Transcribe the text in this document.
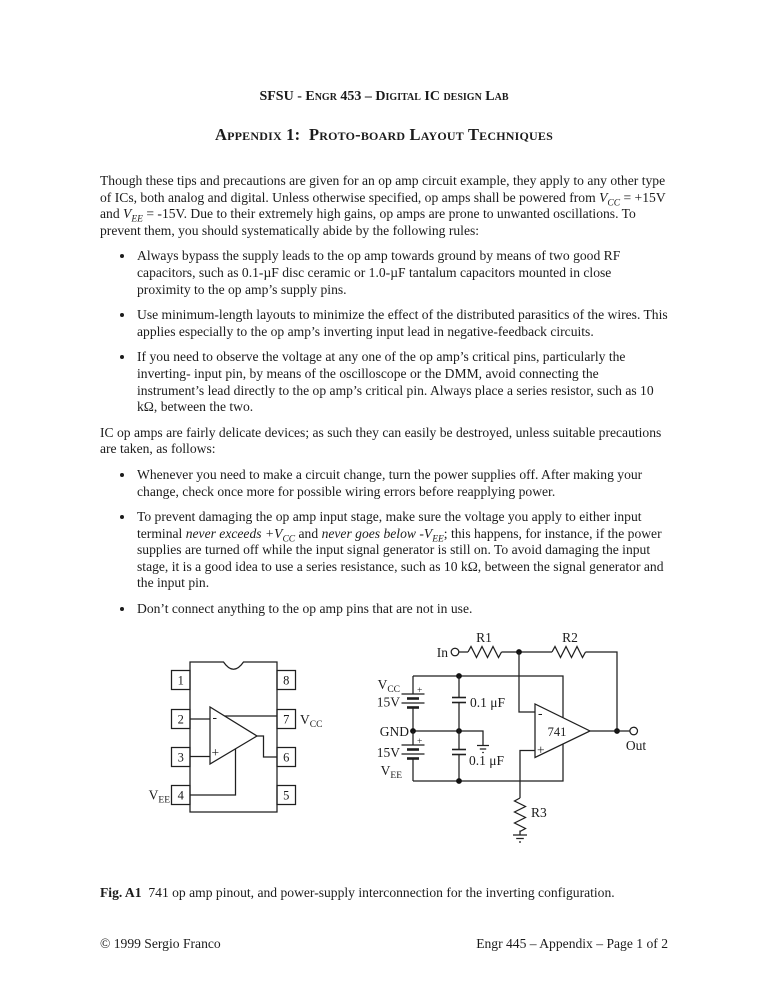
SFSU - Engr 453 – Digital IC design Lab
Appendix 1:  Proto-board Layout Techniques

Though these tips and precautions are given for an op amp circuit example, they apply to any other type of ICs, both analog and digital. Unless otherwise specified, op amps shall be powered from $V_{CC} = +15V$ and $V_{EE} = -15V$. Due to their extremely high gains, op amps are prone to unwanted oscillations. To prevent them, you should systematically abide by the following rules:

• Always bypass the supply leads to the op amp towards ground by means of two good RF capacitors, such as 0.1-µF disc ceramic or 1.0-µF tantalum capacitors mounted in close proximity to the op amp’s supply pins.
• Use minimum-length layouts to minimize the effect of the distributed parasitics of the wires. This applies especially to the op amp’s inverting input lead in negative-feedback circuits.
• If you need to observe the voltage at any one of the op amp’s critical pins, particularly the inverting- input pin, by means of the oscilloscope or the DMM, avoid connecting the instrument’s lead directly to the op amp’s critical pin. Always place a series resistor, such as 10 kΩ, between the two.

IC op amps are fairly delicate devices; as such they can easily be destroyed, unless suitable precautions are taken, as follows:

• Whenever you need to make a circuit change, turn the power supplies off. After making your change, check once more for possible wiring errors before reapplying power.
• To prevent damaging the op amp input stage, make sure the voltage you apply to either input terminal never exceeds $+V_{CC}$ and never goes below $-V_{EE}$; this happens, for instance, if the power supplies are turned off while the input signal generator is still on. To avoid damaging the input stage, it is a good idea to use a series resistance, such as 10 kΩ, between the signal generator and the input pin.
• Don’t connect anything to the op amp pins that are not in use.
1
2
3
4
8
7
6
5
-
+
$V_{CC}$
$V_{EE}$
In
R1	R2
Out
+
$V_{CC}$
15V
GND
+
15V
$V_{EE}$
0.1 μF
0.1 μF
741
-
+
R3
Fig. A1  741 op amp pinout, and power-supply interconnection for the inverting configuration.
© 1999 Sergio Franco	Engr 445 – Appendix – Page 1 of 2
